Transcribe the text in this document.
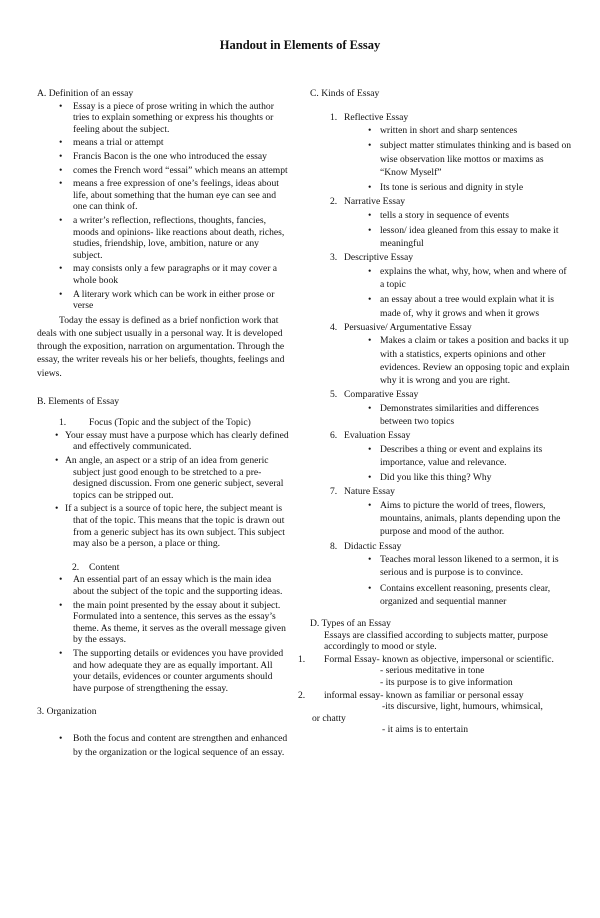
Handout in Elements of Essay

A. Definition of an essay

• Essay is a piece of prose writing in which the author tries to explain something or express his thoughts or feeling about the subject.

• means a trial or attempt

• Francis Bacon is the one who introduced the essay

• comes the French word “essai” which means an attempt

• means a free expression of one’s feelings, ideas about life, about something that the human eye can see and one can think of.

• a writer’s reflection, reflections, thoughts, fancies, moods and opinions- like reactions about death, riches, studies, friendship, love, ambition, nature or any subject.

• may consists only a few paragraphs or it may cover a whole book

• A literary work which can be work in either prose or verse

Today the essay is defined as a brief nonfiction work that deals with one subject usually in a personal way. It is developed through the exposition, narration on argumentation. Through the essay, the writer reveals his or her beliefs, thoughts, feelings and views.

B. Elements of Essay

1. Focus (Topic and the subject of the Topic)

• Your essay must have a purpose which has clearly defined and effectively communicated.

• An angle, an aspect or a strip of an idea from generic subject just good enough to be stretched to a pre- designed discussion. From one generic subject, several topics can be stripped out.

• If a subject is a source of topic here, the subject meant is that of the topic. This means that the topic is drawn out from a generic subject has its own subject. This subject may also be a person, a place or thing.

2. Content

• An essential part of an essay which is the main idea about the subject of the topic and the supporting ideas.

• the main point presented by the essay about it subject. Formulated into a sentence, this serves as the essay’s theme. As theme, it serves as the overall message given by the essays.

• The supporting details or evidences you have provided and how adequate they are as equally important. All your details, evidences or counter arguments should have purpose of strengthening the essay.

3. Organization

• Both the focus and content are strengthen and enhanced by the organization or the logical sequence of an essay.

C. Kinds of Essay

1. Reflective Essay

• written in short and sharp sentences

• subject matter stimulates thinking and is based on wise observation like mottos or maxims as “Know Myself”

• Its tone is serious and dignity in style

2. Narrative Essay

• tells a story in sequence of events

• lesson/ idea gleaned from this essay to make it meaningful

3. Descriptive Essay

• explains the what, why, how, when and where of a topic

• an essay about a tree would explain what it is made of, why it grows and when it grows

4. Persuasive/ Argumentative Essay

• Makes a claim or takes a position and backs it up with a statistics, experts opinions and other evidences. Review an opposing topic and explain why it is wrong and you are right.

5. Comparative Essay

• Demonstrates similarities and differences between two topics

6. Evaluation Essay

• Describes a thing or event and explains its importance, value and relevance.

• Did you like this thing? Why

7. Nature Essay

• Aims to picture the world of trees, flowers, mountains, animals, plants depending upon the purpose and mood of the author.

8. Didactic Essay

• Teaches moral lesson likened to a sermon, it is serious and is purpose is to convince.

• Contains excellent reasoning, presents clear, organized and sequential manner

D. Types of an Essay

Essays are classified according to subjects matter, purpose accordingly to mood or style.

1.	Formal Essay- known as objective, impersonal or scientific.

- serious meditative in tone

- its purpose is to give information

2. informal essay- known as familiar or personal essay

-its discursive, light, humours, whimsical,

or chatty

- it aims is to entertain
